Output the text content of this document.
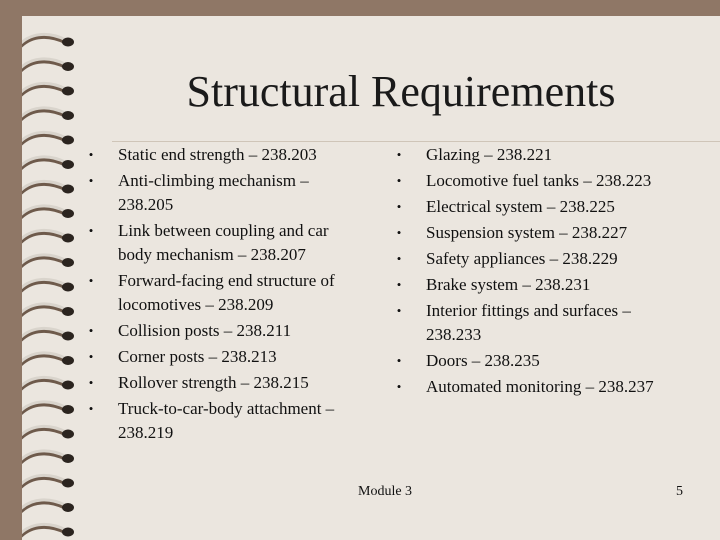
Structural Requirements
• Static end strength – 238.203
• Anti-climbing mechanism – 238.205
• Link between coupling and car body mechanism – 238.207
• Forward-facing end structure of locomotives – 238.209
• Collision posts – 238.211
• Corner posts – 238.213
• Rollover strength – 238.215
• Truck-to-car-body attachment – 238.219
• Glazing – 238.221
• Locomotive fuel tanks – 238.223
• Electrical system – 238.225
• Suspension system – 238.227
• Safety appliances – 238.229
• Brake system – 238.231
• Interior fittings and surfaces – 238.233
• Doors – 238.235
• Automated monitoring – 238.237
Module 3	5
